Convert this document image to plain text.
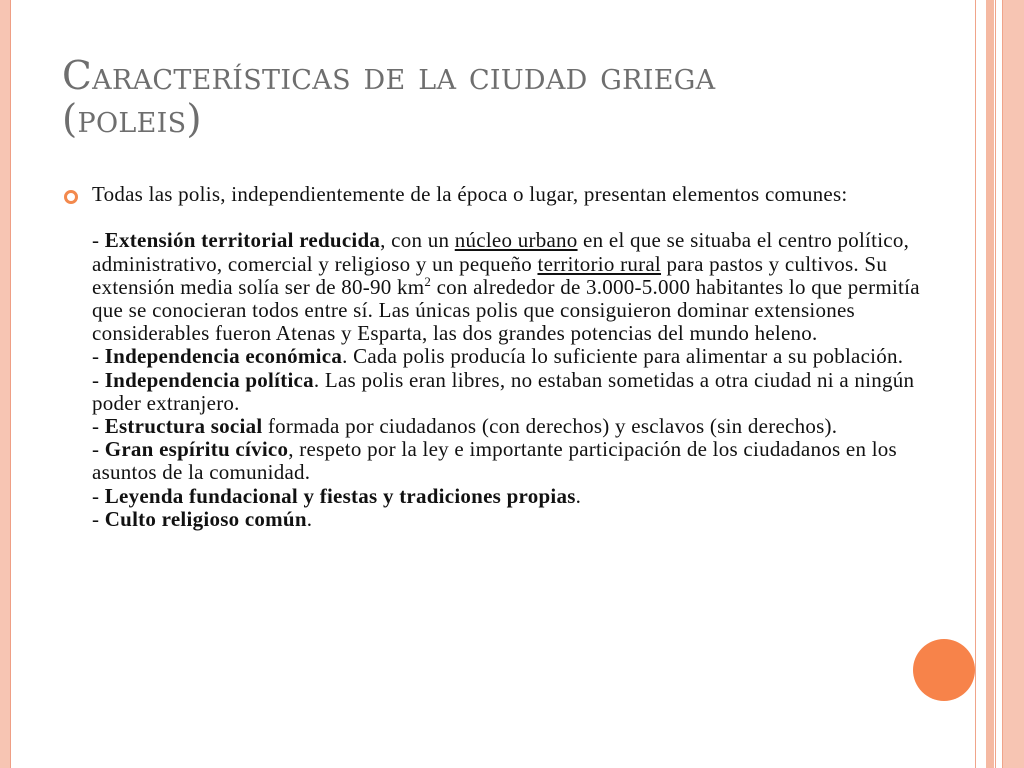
Características de la ciudad griega
(poleis)

Todas las polis, independientemente de la época o lugar, presentan elementos comunes:

- Extensión territorial reducida, con un núcleo urbano en el que se situaba el centro político, administrativo, comercial y religioso y un pequeño territorio rural para pastos y cultivos. Su extensión media solía ser de 80-90 $km^2$ con alrededor de 3.000-5.000 habitantes lo que permitía que se conocieran todos entre sí. Las únicas polis que consiguieron dominar extensiones considerables fueron Atenas y Esparta, las dos grandes potencias del mundo heleno.

- Independencia económica. Cada polis producía lo suficiente para alimentar a su población.

- Independencia política. Las polis eran libres, no estaban sometidas a otra ciudad ni a ningún poder extranjero.

- Estructura social formada por ciudadanos (con derechos) y esclavos (sin derechos).

- Gran espíritu cívico, respeto por la ley e importante participación de los ciudadanos en los asuntos de la comunidad.

- Leyenda fundacional y fiestas y tradiciones propias.

- Culto religioso común.
